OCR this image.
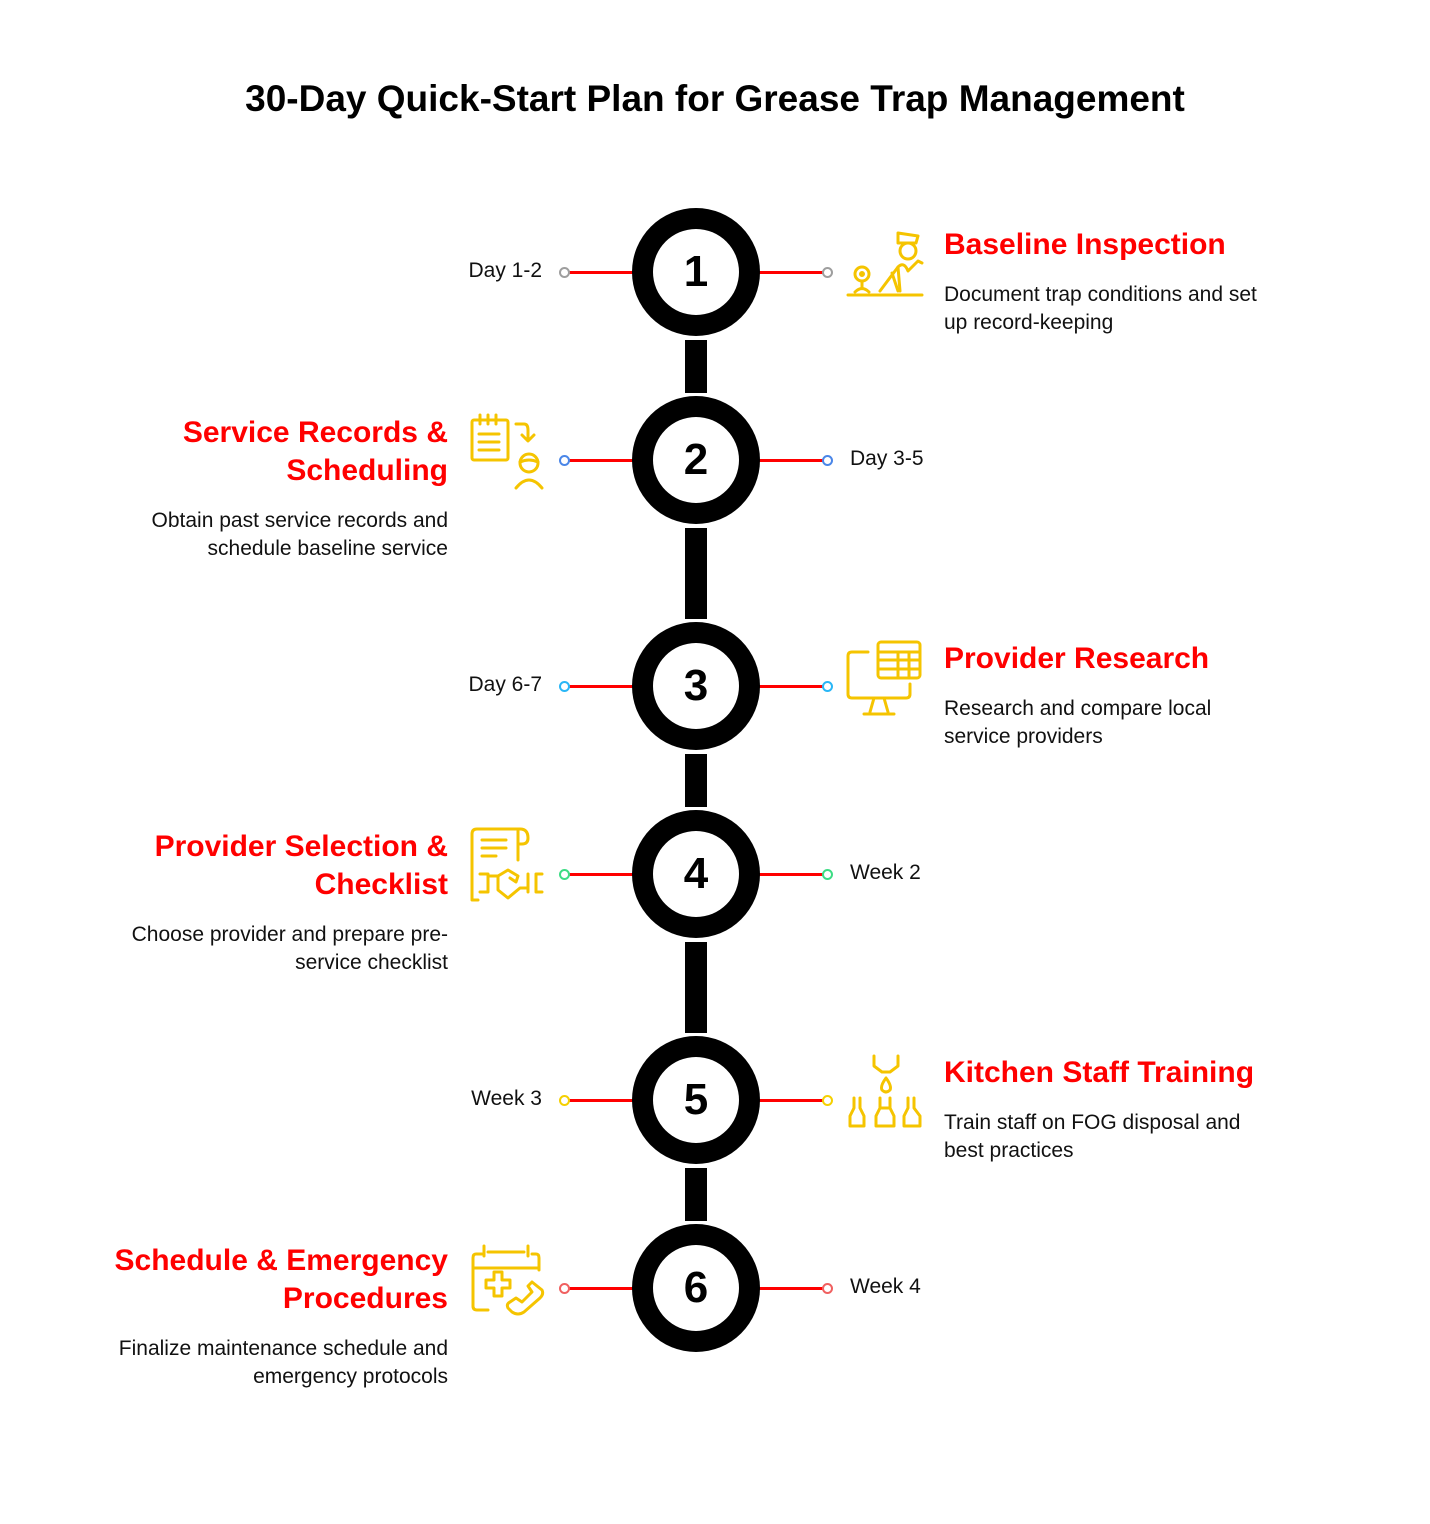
30-Day Quick-Start Plan for Grease Trap Management
1
Day 1-2
Baseline Inspection
Document trap conditions and set
up record-keeping
2	Day 3-5
Service Records &
Scheduling
Obtain past service records and
schedule baseline service
3
Day 6-7
Provider Research
Research and compare local
service providers
4	Week 2
Provider Selection &
Checklist
Choose provider and prepare pre-
service checklist
5
Week 3
Kitchen Staff Training
Train staff on FOG disposal and
best practices
6	Week 4
Schedule & Emergency
Procedures
Finalize maintenance schedule and
emergency protocols
